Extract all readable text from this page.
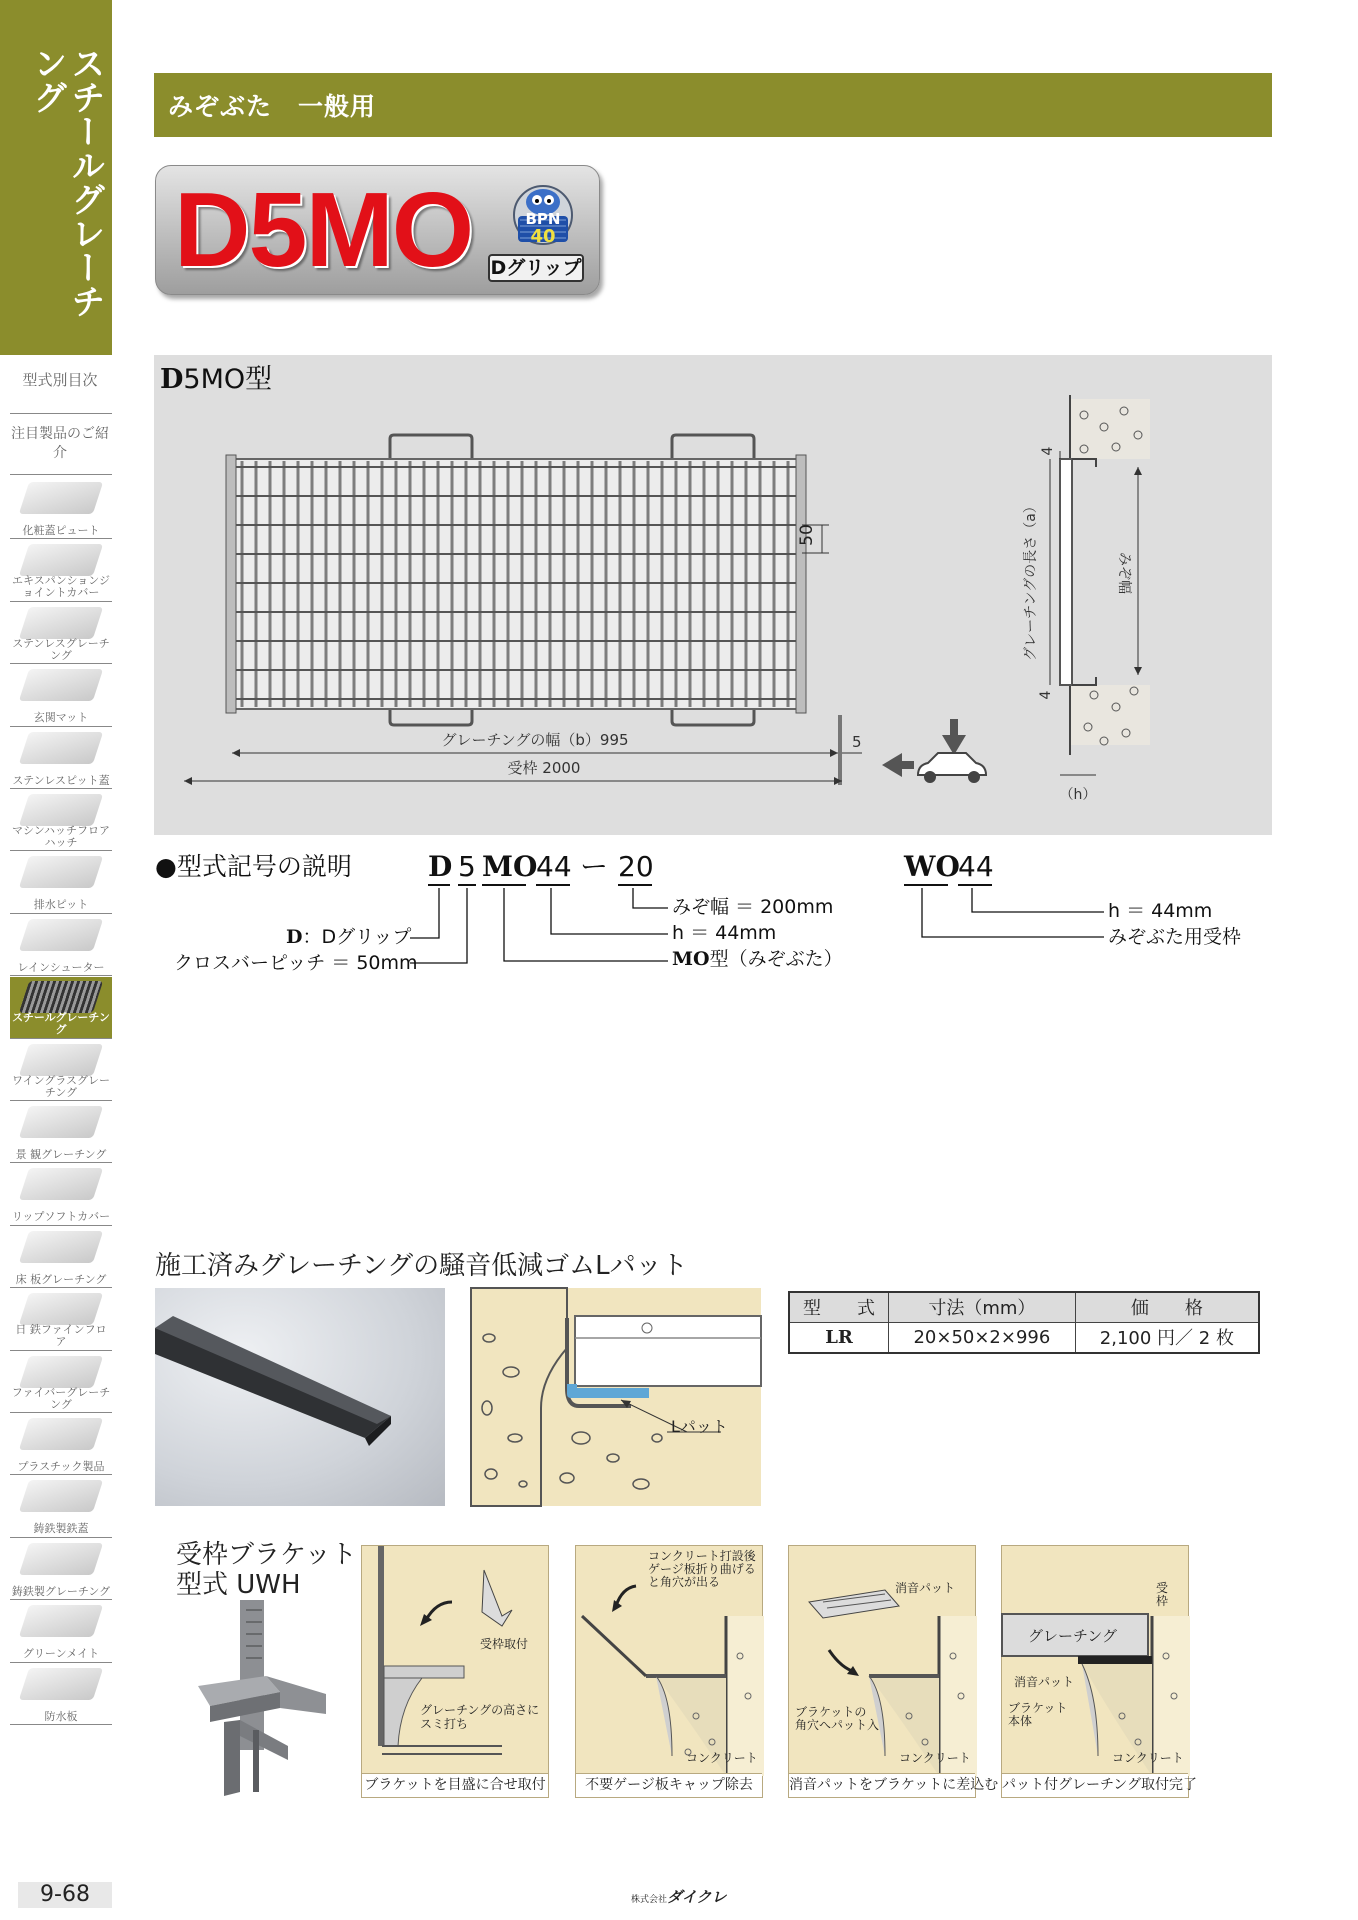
スチールグレーチング
型式別目次
注目製品のご紹介
化粧蓋ピュート
エキスパンションジョイントカバー
ステンレスグレーチング
玄関マット
ステンレスピット蓋
マシンハッチフロアハッチ
排水ピット
レインシューター
スチールグレーチング
ワイングラスグレーチング
景 観グレーチング
リップソフトカバー
床 板グレーチング
日 鉄ファインフロア
ファイバーグレーチング
プラスチック製品
鋳鉄製鉄蓋
鋳鉄製グレーチング
グリーンメイト
防水板
みぞぶた　一般用
D5MO	BPN
40
Dグリップ
50
グレーチングの幅（b）995	5
受枠 2000
4
4
グレーチングの長さ（a）	みぞ幅
（h）
D5MO型
●型式記号の説明	D 5 MO
44 ー 20	WO
44
みぞ幅 ＝ 200mm
h ＝ 44mm
MO型（みぞぶた）
D：Dグリップ
クロスバーピッチ ＝ 50mm
h ＝ 44mm
みぞぶた用受枠
施工済みグレーチングの騒音低減ゴムLパット
Lパット
型　　式	寸法（mm）	価　　格
LR	20×50×2×996	2,100 円／ 2 枚
受枠ブラケット
型式 UWH
受枠取付
グレーチングの高さに
スミ打ち
ブラケットを目盛に合せ取付
コンクリート打設後
ゲージ板折り曲げる
と角穴が出る
コンクリート
不要ゲージ板キャップ除去
消音パット
ブラケットの
角穴へパット入
コンクリート
消音パットをブラケットに差込む
受
枠
グレーチング
消音パット
ブラケット
本体
コンクリート
パット付グレーチング取付完了
9-68	株式会社ダイクレ
